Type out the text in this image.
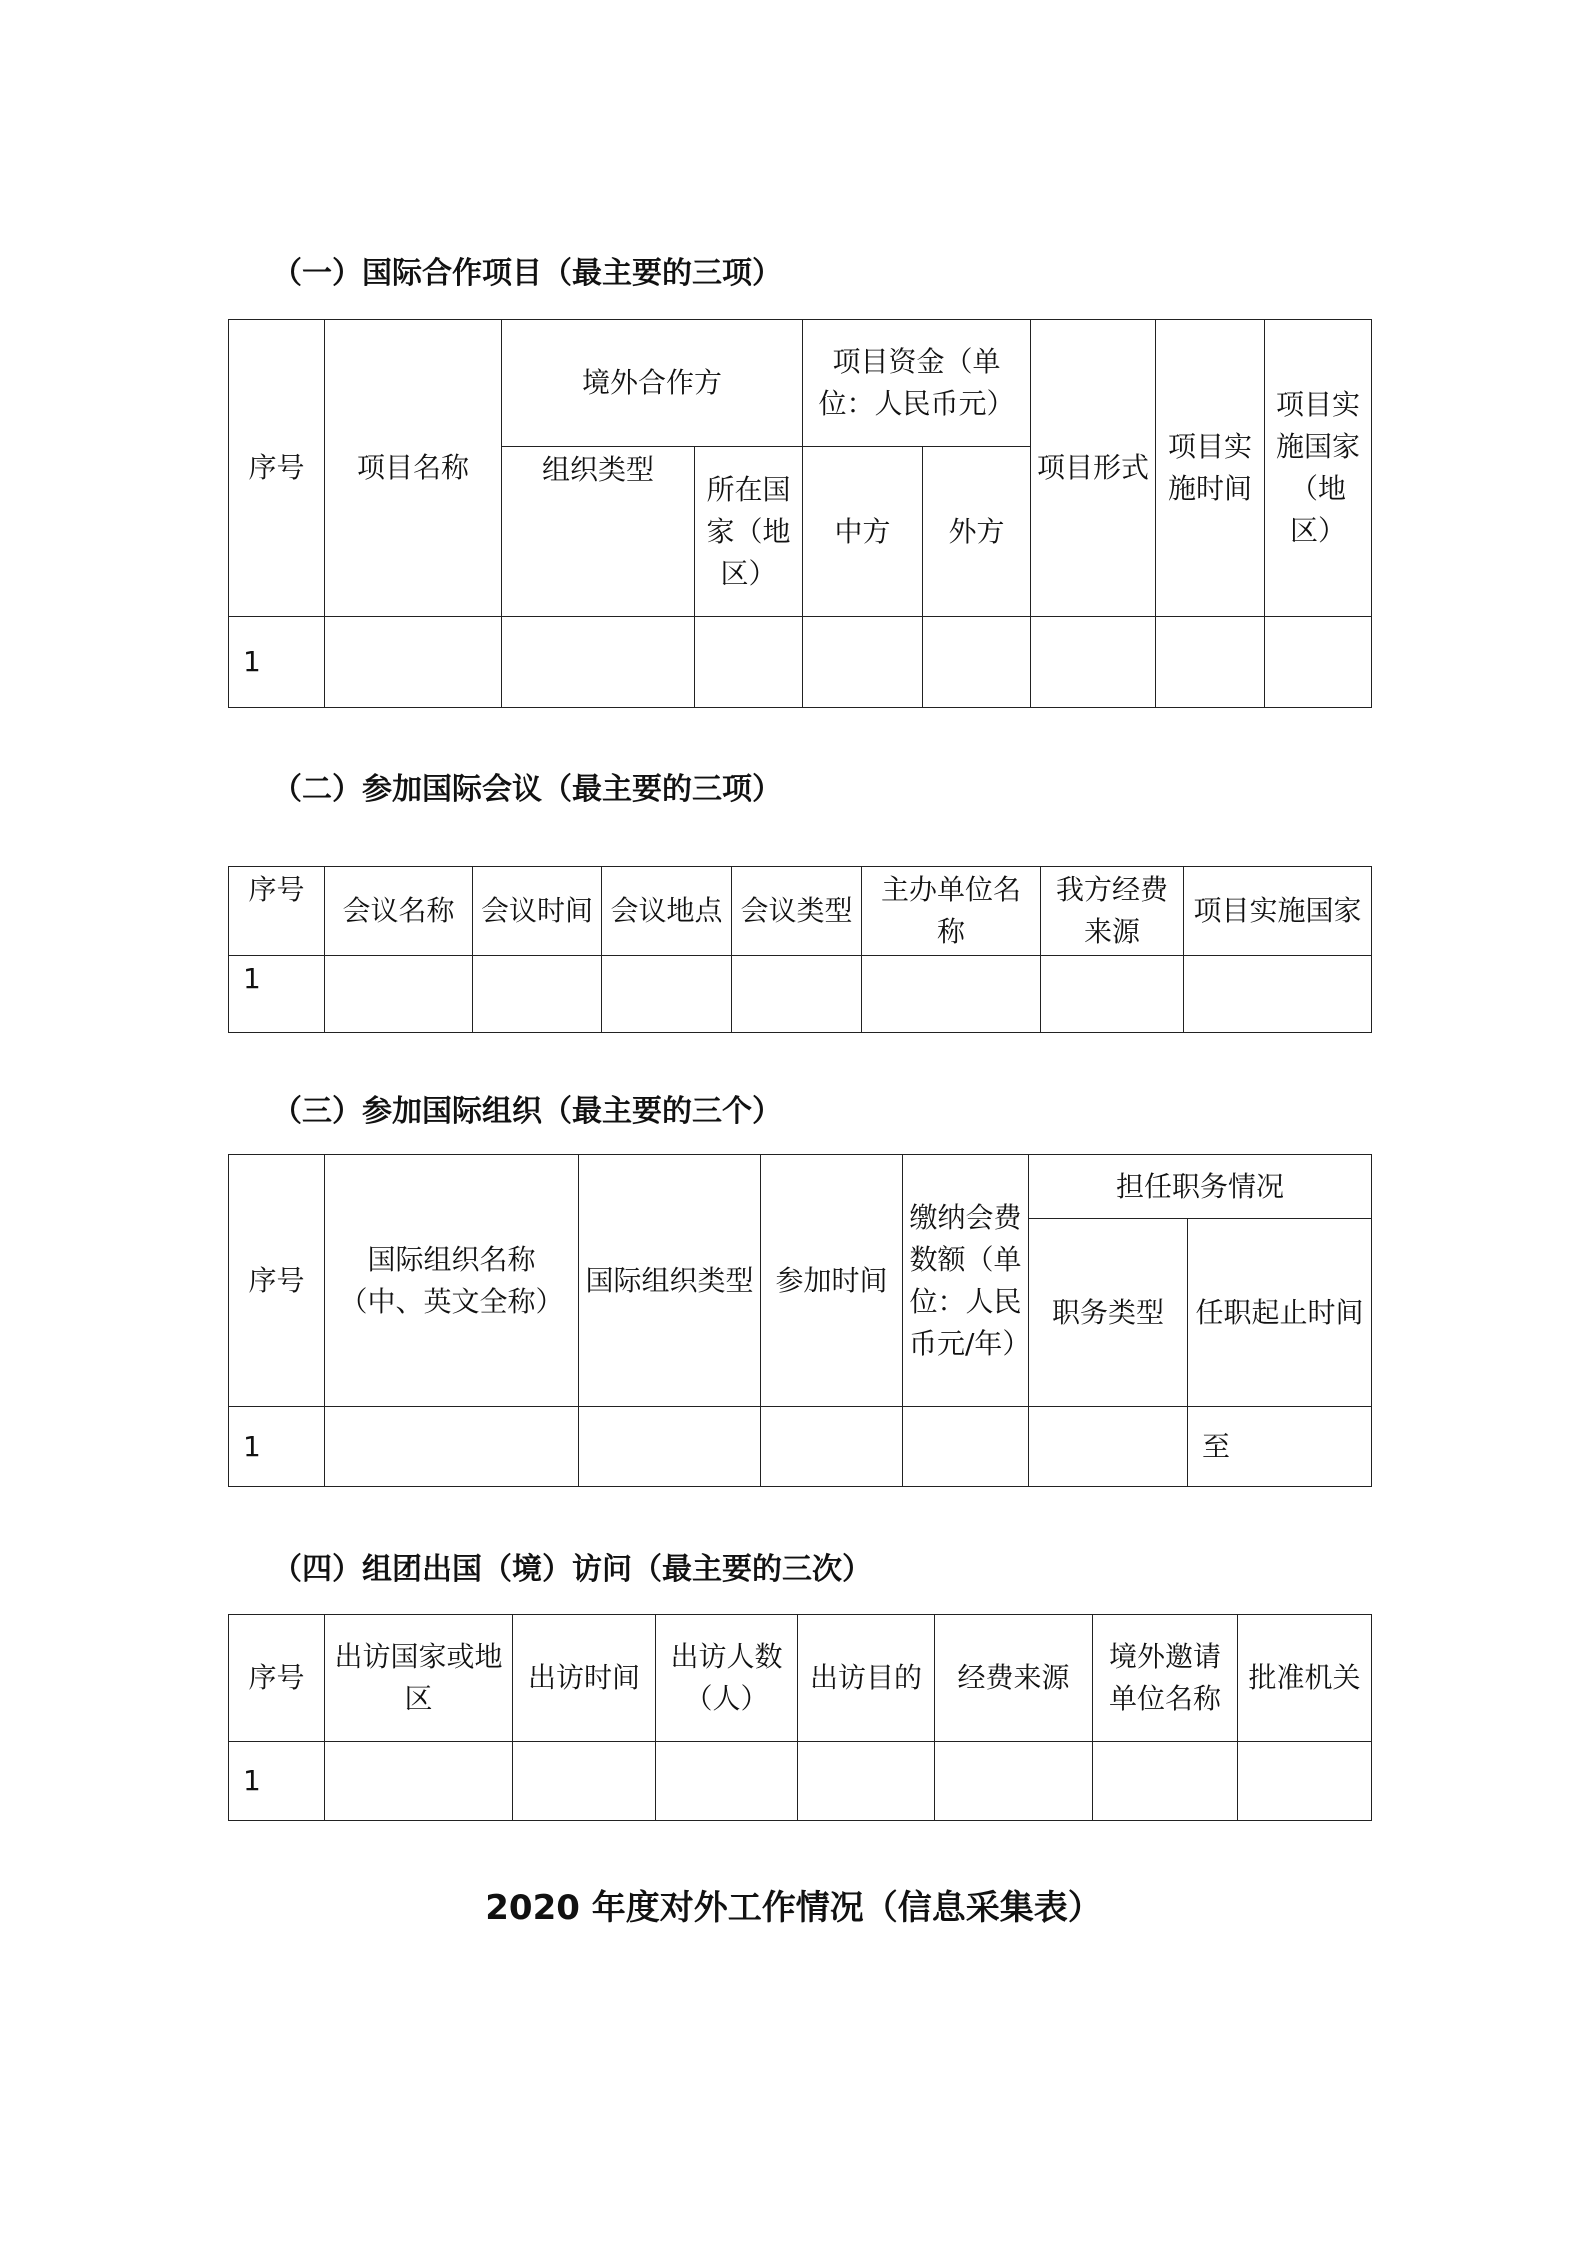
（一）国际合作项目（最主要的三项）
序号	项目名称	境外合作方		项目资金（单位：人民币元）		项目形式	项目实施时间	项目实施国家（地区）
		组织类型	所在国家（地区）	中方	外方			
1								
（二）参加国际会议（最主要的三项）
序号	会议名称	会议时间	会议地点	会议类型	主办单位名称	我方经费来源	项目实施国家
1							
（三）参加国际组织（最主要的三个）
序号	国际组织名称（中、英文全称）	国际组织类型	参加时间	缴纳会费数额（单位：人民币元/年）	担任职务情况	
					职务类型	任职起止时间
1						至
（四）组团出国（境）访问（最主要的三次）
序号	出访国家或地区	出访时间	出访人数（人）	出访目的	经费来源	境外邀请单位名称	批准机关
1							
2020 年度对外工作情况（信息采集表）
